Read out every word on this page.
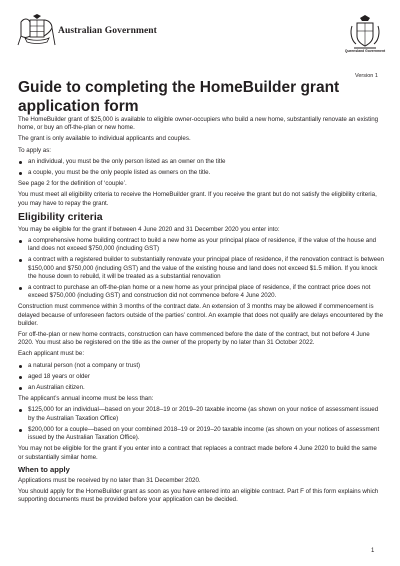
Australian Government
Queensland Government
Version 1
Guide to completing the HomeBuilder grant application form

The HomeBuilder grant of $25,000 is available to eligible owner-occupiers who build a new home, substantially renovate an existing home, or buy an off-the-plan or new home.

The grant is only available to individual applicants and couples.

To apply as:

an individual, you must be the only person listed as an owner on the title
a couple, you must be the only people listed as owners on the title.

See page 2 for the definition of ‘couple’.

You must meet all eligibility criteria to receive the HomeBuilder grant. If you receive the grant but do not satisfy the eligibility criteria, you may have to repay the grant.

Eligibility criteria

You may be eligible for the grant if between 4 June 2020 and 31 December 2020 you enter into:

a comprehensive home building contract to build a new home as your principal place of residence, if the value of the house and land does not exceed $750,000 (including GST)
a contract with a registered builder to substantially renovate your principal place of residence, if the renovation contract is between $150,000 and $750,000 (including GST) and the value of the existing house and land does not exceed $1.5 million. If you knock the house down to rebuild, it will be treated as a substantial renovation
a contract to purchase an off-the-plan home or a new home as your principal place of residence, if the contract price does not exceed $750,000 (including GST) and construction did not commence before 4 June 2020.

Construction must commence within 3 months of the contract date. An extension of 3 months may be allowed if commencement is delayed because of unforeseen factors outside of the parties’ control. An example that does not qualify are delays encountered by the builder.

For off-the-plan or new home contracts, construction can have commenced before the date of the contract, but not before 4 June 2020. You must also be registered on the title as the owner of the property by no later than 31 October 2022.

Each applicant must be:

a natural person (not a company or trust)
aged 18 years or older
an Australian citizen.

The applicant’s annual income must be less than:

$125,000 for an individual—based on your 2018–19 or 2019–20 taxable income (as shown on your notice of assessment issued by the Australian Taxation Office)
$200,000 for a couple—based on your combined 2018–19 or 2019–20 taxable income (as shown on your notices of assessment issued by the Australian Taxation Office).

You may not be eligible for the grant if you enter into a contract that replaces a contract made before 4 June 2020 to build the same or substantially similar home.

When to apply

Applications must be received by no later than 31 December 2020.

You should apply for the HomeBuilder grant as soon as you have entered into an eligible contract. Part F of this form explains which supporting documents must be provided before your application can be decided.

1
